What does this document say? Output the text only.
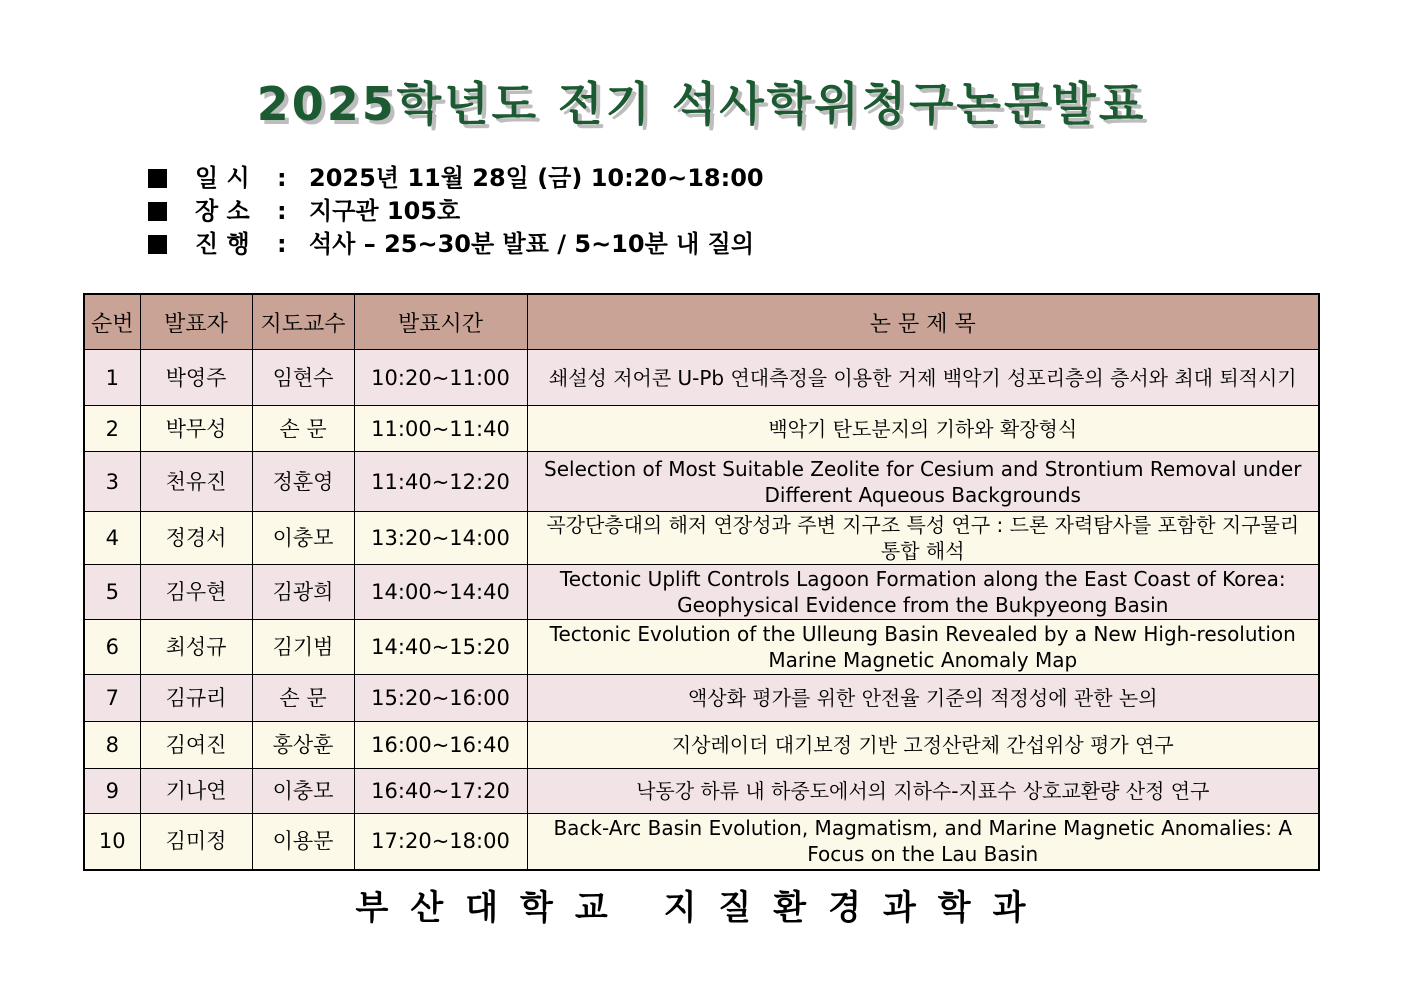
2025학년도 전기 석사학위청구논문발표
일 시	: 2025년 11월 28일 (금) 10:20~18:00
장 소	: 지구관 105호
진 행	: 석사 – 25~30분 발표 / 5~10분 내 질의
순번	발표자	지도교수	발표시간	논 문 제 목
1	박영주	임현수	10:20~11:00	쇄설성 저어콘 U-Pb 연대측정을 이용한 거제 백악기 성포리층의 층서와 최대 퇴적시기
2	박무성	손 문	11:00~11:40	백악기 탄도분지의 기하와 확장형식
3	천유진	정훈영	11:40~12:20	Selection of Most Suitable Zeolite for Cesium and Strontium Removal under Different Aqueous Backgrounds
4	정경서	이충모	13:20~14:00	곡강단층대의 해저 연장성과 주변 지구조 특성 연구 : 드론 자력탐사를 포함한 지구물리 통합 해석
5	김우현	김광희	14:00~14:40	Tectonic Uplift Controls Lagoon Formation along the East Coast of Korea: Geophysical Evidence from the Bukpyeong Basin
6	최성규	김기범	14:40~15:20	Tectonic Evolution of the Ulleung Basin Revealed by a New High-resolution Marine Magnetic Anomaly Map
7	김규리	손 문	15:20~16:00	액상화 평가를 위한 안전율 기준의 적정성에 관한 논의
8	김여진	홍상훈	16:00~16:40	지상레이더 대기보정 기반 고정산란체 간섭위상 평가 연구
9	기나연	이충모	16:40~17:20	낙동강 하류 내 하중도에서의 지하수-지표수 상호교환량 산정 연구
10	김미정	이용문	17:20~18:00	Back-Arc Basin Evolution, Magmatism, and Marine Magnetic Anomalies: A Focus on the Lau Basin
부산대학교 지질환경과학과
